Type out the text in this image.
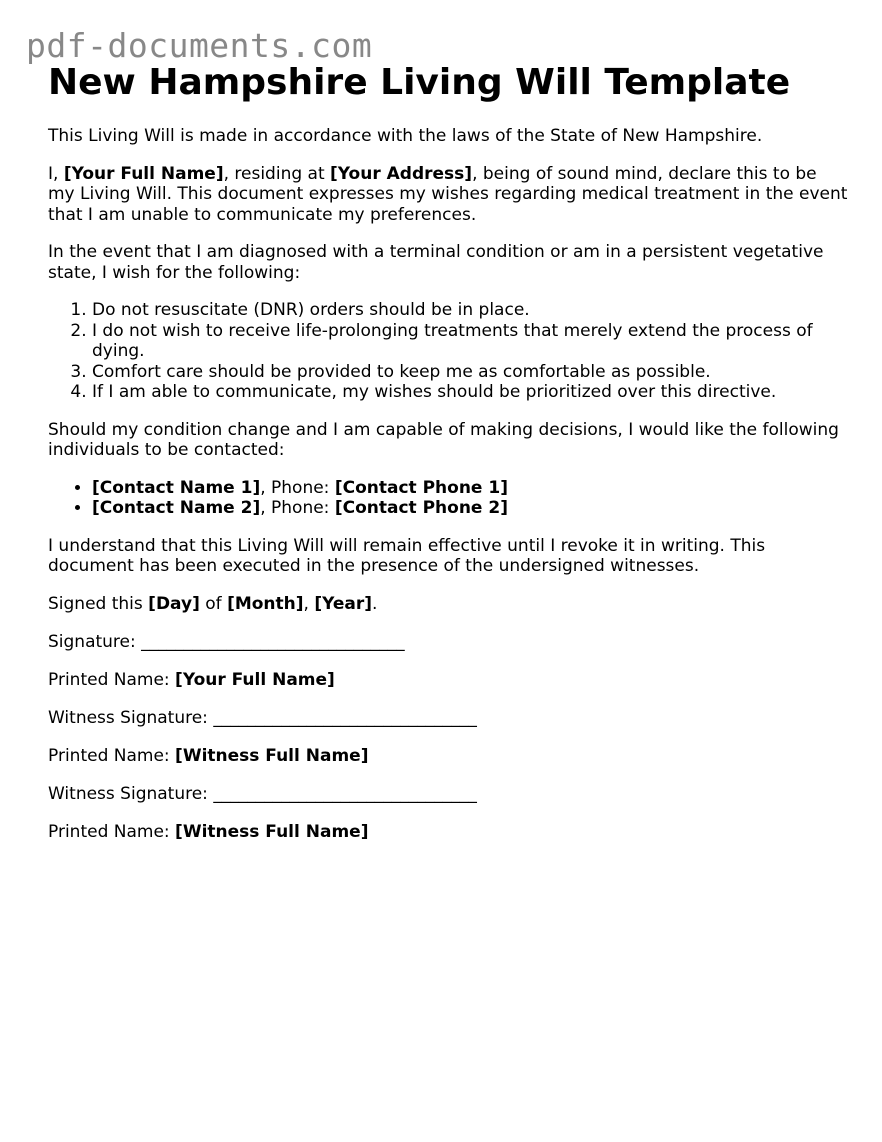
pdf-documents.com
New Hampshire Living Will Template

This Living Will is made in accordance with the laws of the State of New Hampshire.

I, [Your Full Name], residing at [Your Address], being of sound mind, declare this to be my Living Will. This document expresses my wishes regarding medical treatment in the event that I am unable to communicate my preferences.

In the event that I am diagnosed with a terminal condition or am in a persistent vegetative state, I wish for the following:

1. Do not resuscitate (DNR) orders should be in place.
2. I do not wish to receive life-prolonging treatments that merely extend the process of dying.
3. Comfort care should be provided to keep me as comfortable as possible.
4. If I am able to communicate, my wishes should be prioritized over this directive.

Should my condition change and I am capable of making decisions, I would like the following individuals to be contacted:

• [Contact Name 1], Phone: [Contact Phone 1]
• [Contact Name 2], Phone: [Contact Phone 2]

I understand that this Living Will will remain effective until I revoke it in writing. This document has been executed in the presence of the undersigned witnesses.

Signed this [Day] of [Month], [Year].

Signature: _______________________________

Printed Name: [Your Full Name]

Witness Signature: _______________________________

Printed Name: [Witness Full Name]

Witness Signature: _______________________________

Printed Name: [Witness Full Name]
